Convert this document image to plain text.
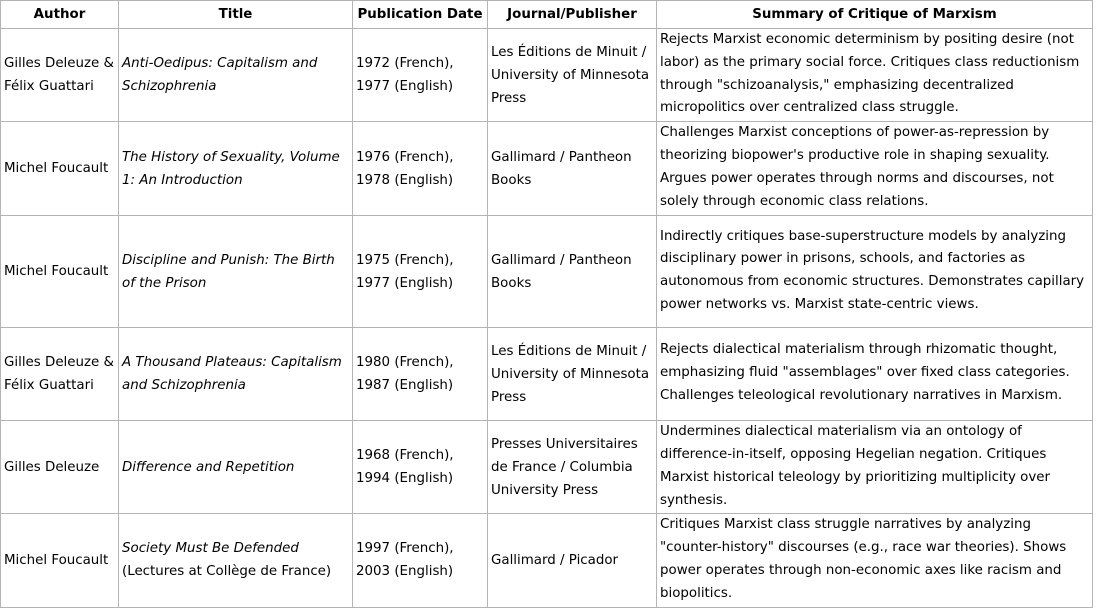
Author	Title	Publication Date	Journal/Publisher	Summary of Critique of Marxism
Gilles Deleuze & Félix Guattari	Anti-Oedipus: Capitalism and Schizophrenia	1972 (French), 1977 (English)	Les Éditions de Minuit / University of Minnesota Press	Rejects Marxist economic determinism by positing desire (not labor) as the primary social force. Critiques class reductionism through "schizoanalysis," emphasizing decentralized micropolitics over centralized class struggle.
Michel Foucault	The History of Sexuality, Volume 1: An Introduction	1976 (French), 1978 (English)	Gallimard / Pantheon Books	Challenges Marxist conceptions of power-as-repression by theorizing biopower's productive role in shaping sexuality. Argues power operates through norms and discourses, not solely through economic class relations.
Michel Foucault	Discipline and Punish: The Birth of the Prison	1975 (French), 1977 (English)	Gallimard / Pantheon Books	Indirectly critiques base-superstructure models by analyzing disciplinary power in prisons, schools, and factories as autonomous from economic structures. Demonstrates capillary power networks vs. Marxist state-centric views.
Gilles Deleuze & Félix Guattari	A Thousand Plateaus: Capitalism and Schizophrenia	1980 (French), 1987 (English)	Les Éditions de Minuit / University of Minnesota Press	Rejects dialectical materialism through rhizomatic thought, emphasizing fluid "assemblages" over fixed class categories. Challenges teleological revolutionary narratives in Marxism.
Gilles Deleuze	Difference and Repetition	1968 (French), 1994 (English)	Presses Universitaires de France / Columbia University Press	Undermines dialectical materialism via an ontology of difference-in-itself, opposing Hegelian negation. Critiques Marxist historical teleology by prioritizing multiplicity over synthesis.
Michel Foucault	Society Must Be Defended (Lectures at Collège de France)	1997 (French), 2003 (English)	Gallimard / Picador	Critiques Marxist class struggle narratives by analyzing "counter-history" discourses (e.g., race war theories). Shows power operates through non-economic axes like racism and biopolitics.
